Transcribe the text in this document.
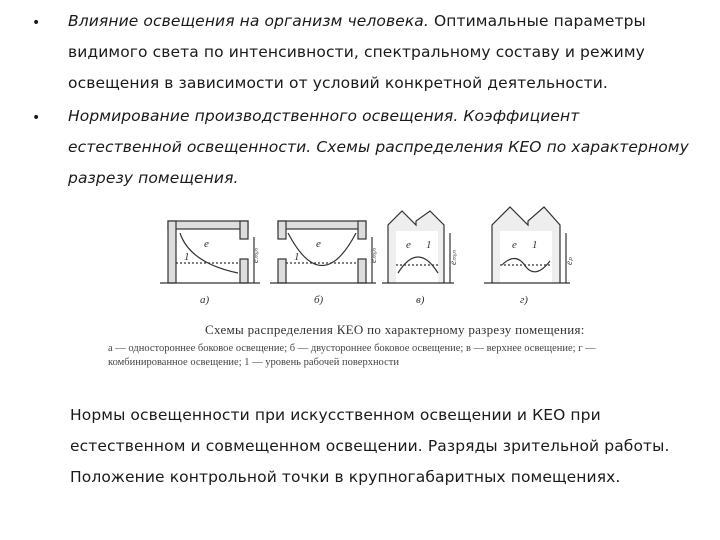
• Влияние освещения на организм человека. Оптимальные параметры видимого света по интенсивности, спектральному составу и режиму освещения в зависимости от условий конкретной деятельности.
• Нормирование производственного освещения. Коэффициент естественной освещенности. Схемы распределения КЕО по характерному разрезу помещения.
е
1	еₘᵢₙ
е
1	еₘᵢₙ
е 1
еₘᵢₙ
е 1
еₚ
а)	б)	в)	г)
Схемы распределения КЕО по характерному разрезу помещения:
а — одностороннее боковое освещение; б — двустороннее боковое освещение; в — верхнее освещение; г — комбинированное освещение; 1 — уровень рабочей поверхности
Нормы освещенности при искусственном освещении и КЕО при естественном и совмещенном освещении. Разряды зрительной работы. Положение контрольной точки в крупногабаритных помещениях.
